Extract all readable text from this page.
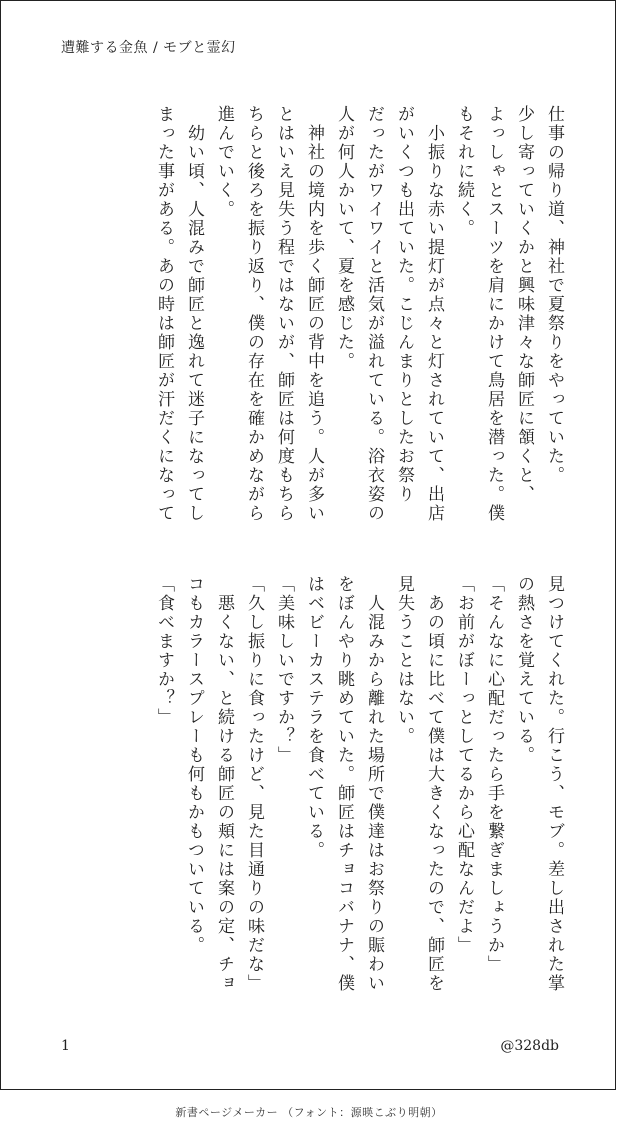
遭難する金魚 / モブと霊幻

仕事の帰り道、神社で夏祭りをやっていた。
少し寄っていくかと興味津々な師匠に頷くと、
よっしゃとスーツを肩にかけて鳥居を潜った。僕
もそれに続く。

　小振りな赤い提灯が点々と灯されていて、出店
がいくつも出ていた。こじんまりとしたお祭り
だったがワイワイと活気が溢れている。浴衣姿の
人が何人かいて、夏を感じた。

　神社の境内を歩く師匠の背中を追う。人が多い
とはいえ見失う程ではないが、師匠は何度もちら
ちらと後ろを振り返り、僕の存在を確かめながら
進んでいく。

　幼い頃、人混みで師匠と逸れて迷子になってし
まった事がある。あの時は師匠が汗だくになって

見つけてくれた。行こう、モブ。差し出された掌
の熱さを覚えている。

「そんなに心配だったら手を繋ぎましょうか」

「お前がぼーっとしてるから心配なんだよ」

　あの頃に比べて僕は大きくなったので、師匠を
見失うことはない。

　人混みから離れた場所で僕達はお祭りの賑わい
をぼんやり眺めていた。師匠はチョコバナナ、僕
はベビーカステラを食べている。

「美味しいですか？」

「久し振りに食ったけど、見た目通りの味だな」

　悪くない、と続ける師匠の頬には案の定、チョ
コもカラースプレーも何もかもついている。

「食べますか？」

1	@328db
新書ページメーカー （フォント：源暎こぶり明朝）
